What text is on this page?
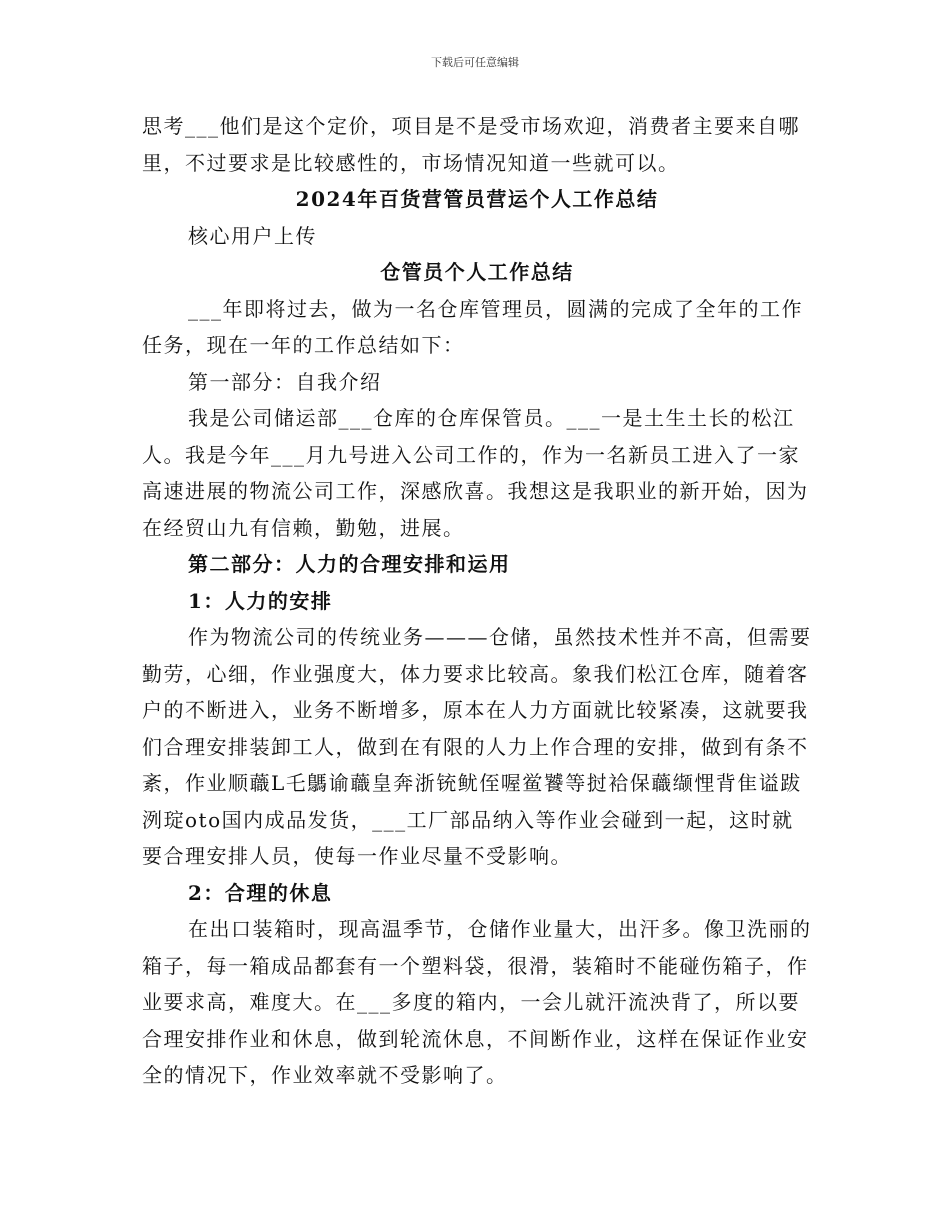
下载后可任意编辑

思考___他们是这个定价，项目是不是受市场欢迎，消费者主要来自哪里，不过要求是比较感性的，市场情况知道一些就可以。

2024年百货营管员营运个人工作总结

核心用户上传

仓管员个人工作总结

___年即将过去，做为一名仓库管理员，圆满的完成了全年的工作任务，现在一年的工作总结如下：

第一部分：自我介绍

我是公司储运部___仓库的仓库保管员。___一是土生土长的松江人。我是今年___月九号进入公司工作的，作为一名新员工进入了一家高速进展的物流公司工作，深感欣喜。我想这是我职业的新开始，因为在经贸山九有信赖，勤勉，进展。

第二部分：人力的合理安排和运用

1：人力的安排

作为物流公司的传统业务———仓储，虽然技术性并不高，但需要勤劳，心细，作业强度大，体力要求比较高。象我们松江仓库，随着客户的不断进入，业务不断增多，原本在人力方面就比较紧凑，这就要我们合理安排装卸工人，做到在有限的人力上作合理的安排，做到有条不紊，作业顺蘵L乇鷌谕蘵皇奔浙铳鱿侄喔鲎饕等挝袷保蘵缬悝背隹谥跋洌琔oto国内成品发货，___工厂部品纳入等作业会碰到一起，这时就要合理安排人员，使每一作业尽量不受影响。

2：合理的休息

在出口装箱时，现高温季节，仓储作业量大，出汗多。像卫洗丽的箱子，每一箱成品都套有一个塑料袋，很滑，装箱时不能碰伤箱子，作业要求高，难度大。在___多度的箱内，一会儿就汗流泱背了，所以要合理安排作业和休息，做到轮流休息，不间断作业，这样在保证作业安全的情况下，作业效率就不受影响了。
